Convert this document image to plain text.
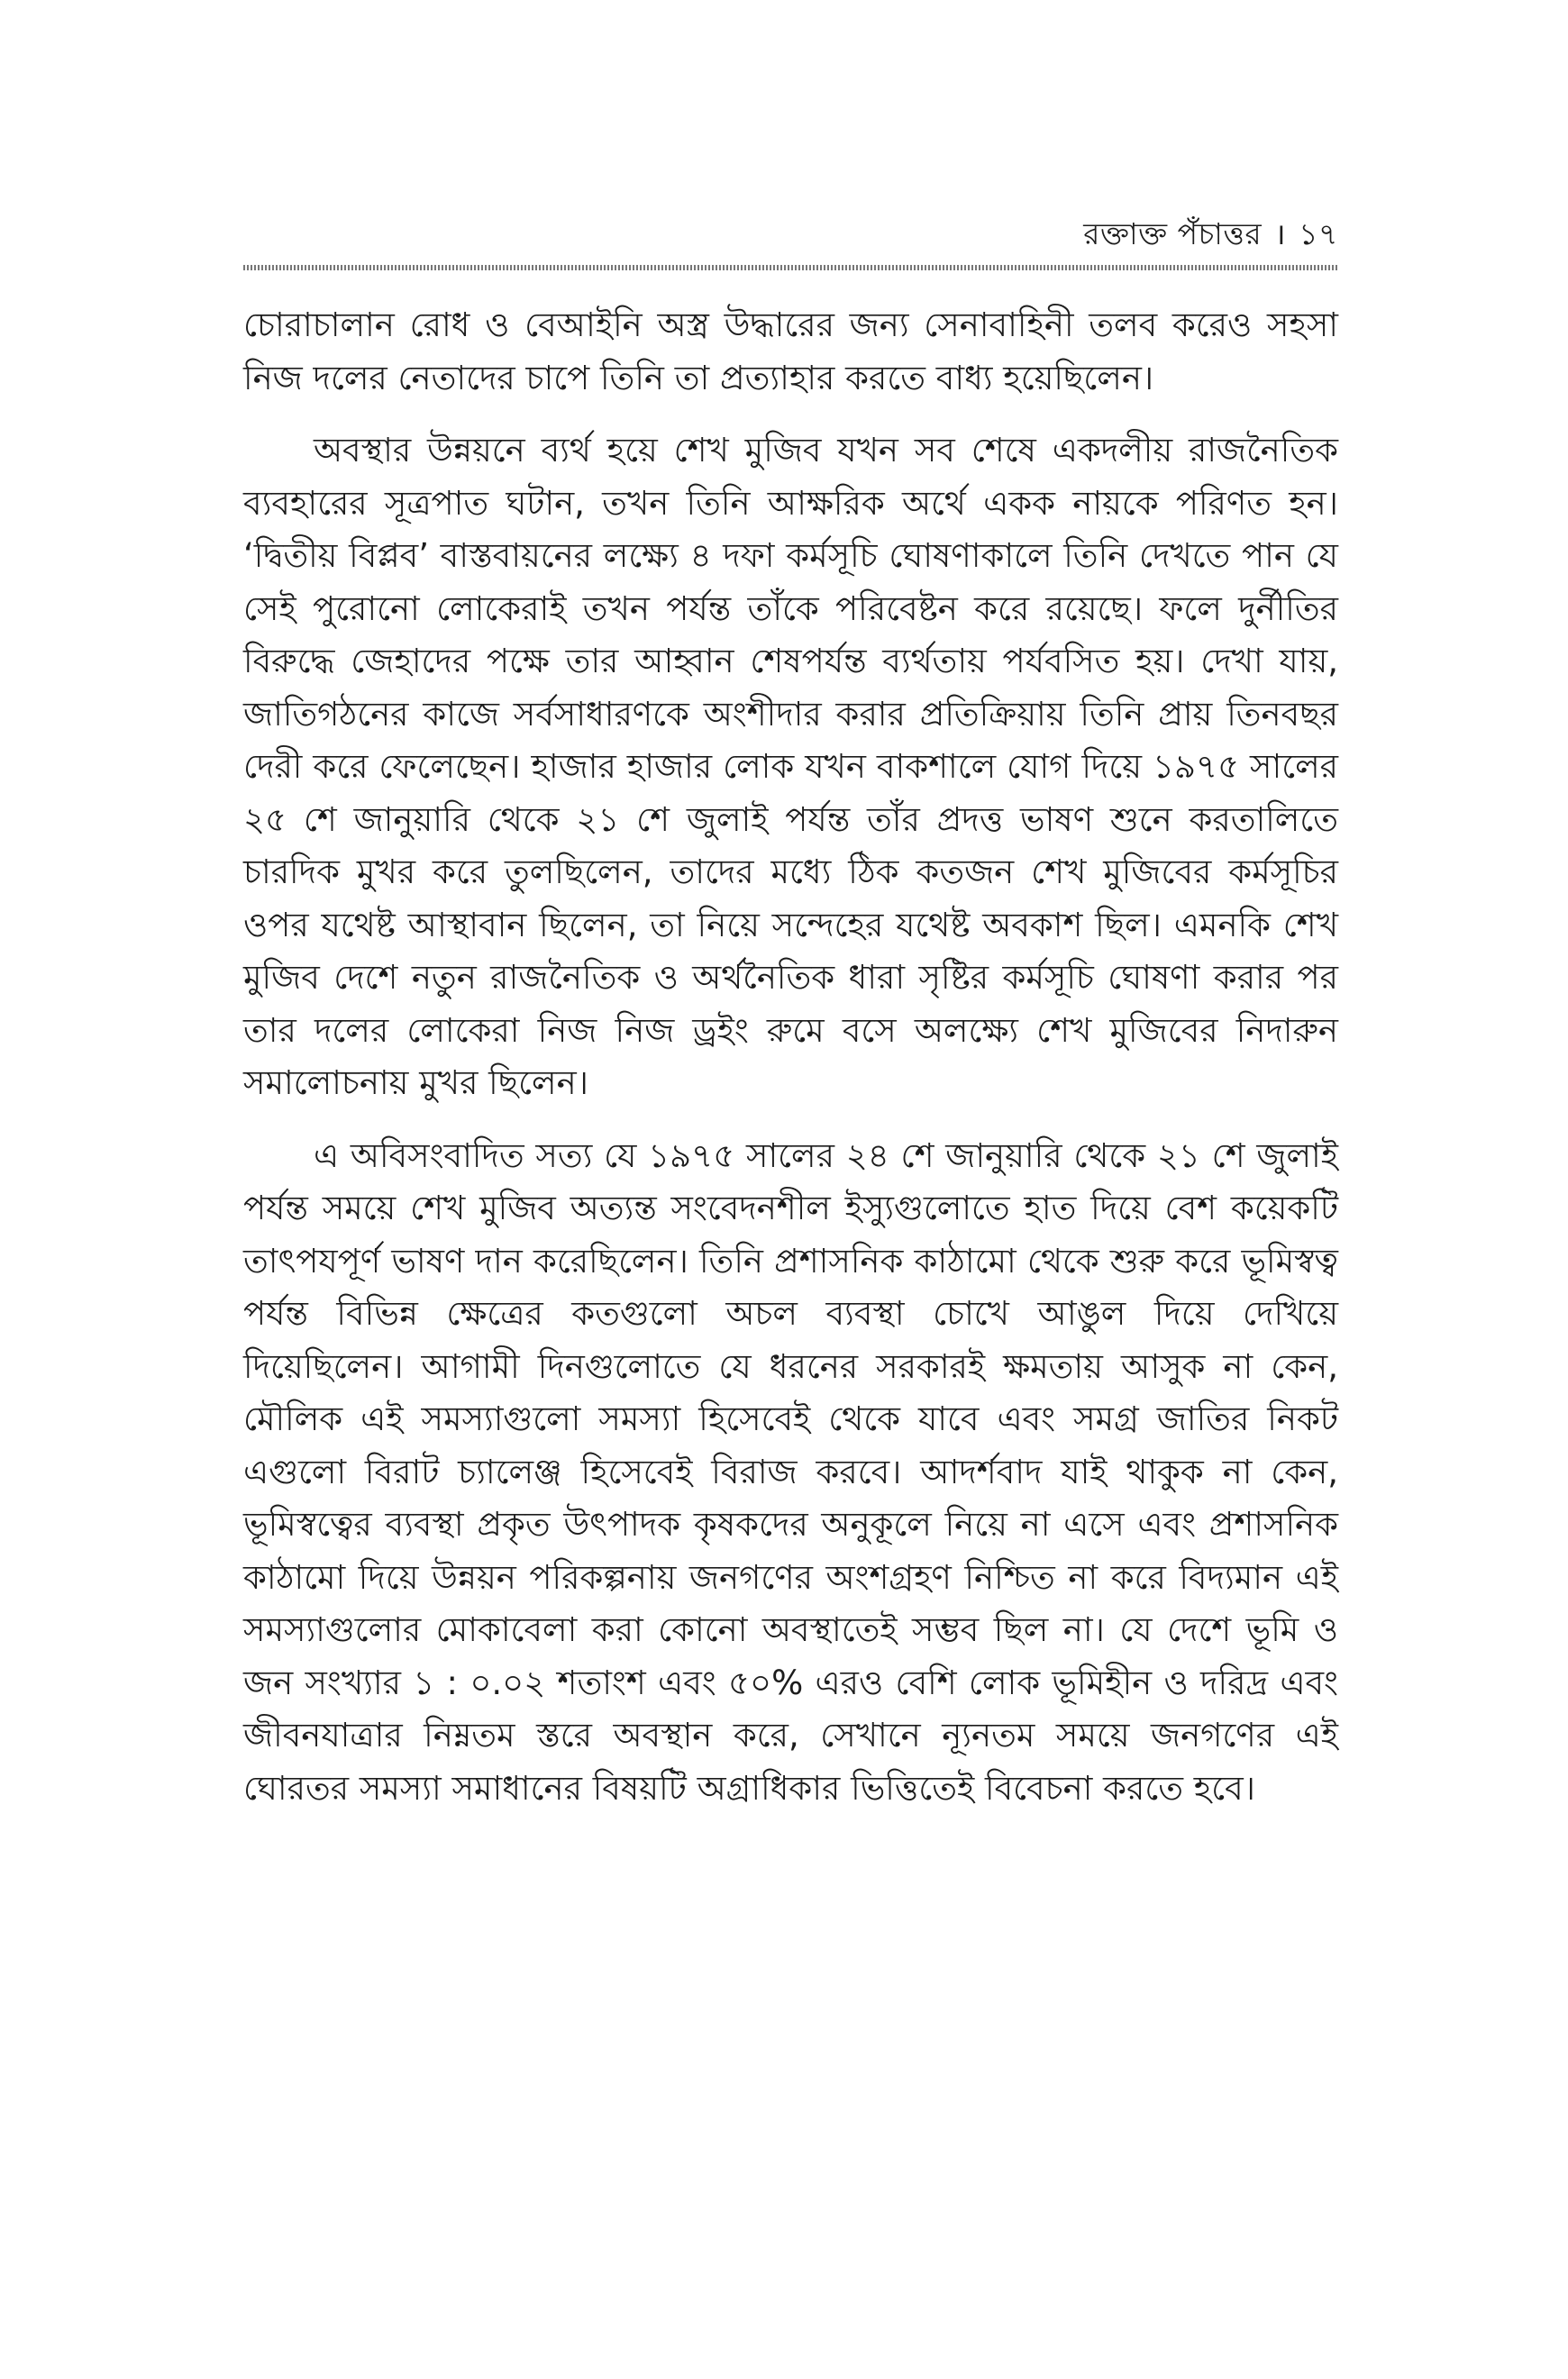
রক্তাক্ত পঁচাত্তর । ১৭

চোরাচালান রোধ ও বেআইনি অস্ত্র উদ্ধারের জন্য সেনাবাহিনী তলব করেও সহসা নিজ দলের নেতাদের চাপে তিনি তা প্রত্যাহার করতে বাধ্য হয়েছিলেন।

অবস্থার উন্নয়নে ব্যর্থ হয়ে শেখ মুজিব যখন সব শেষে একদলীয় রাজনৈতিক ব্যবহারের সূত্রপাত ঘটান, তখন তিনি আক্ষরিক অর্থে একক নায়কে পরিণত হন। ‘দ্বিতীয় বিপ্লব’ বাস্তবায়নের লক্ষ্যে ৪ দফা কর্মসূচি ঘোষণাকালে তিনি দেখতে পান যে সেই পুরোনো লোকেরাই তখন পর্যন্ত তাঁকে পরিবেষ্টন করে রয়েছে। ফলে দুর্নীতির বিরুদ্ধে জেহাদের পক্ষে তার আহ্বান শেষপর্যন্ত ব্যর্থতায় পর্যবসিত হয়। দেখা যায়, জাতিগঠনের কাজে সর্বসাধারণকে অংশীদার করার প্রতিক্রিয়ায় তিনি প্রায় তিনবছর দেরী করে ফেলেছেন। হাজার হাজার লোক যখন বাকশালে যোগ দিয়ে ১৯৭৫ সালের ২৫ শে জানুয়ারি থেকে ২১ শে জুলাই পর্যন্ত তাঁর প্রদত্ত ভাষণ শুনে করতালিতে চারদিক মুখর করে তুলছিলেন, তাদের মধ্যে ঠিক কতজন শেখ মুজিবের কর্মসূচির ওপর যথেষ্ট আস্থাবান ছিলেন, তা নিয়ে সন্দেহের যথেষ্ট অবকাশ ছিল। এমনকি শেখ মুজিব দেশে নতুন রাজনৈতিক ও অর্থনৈতিক ধারা সৃষ্টির কর্মসূচি ঘোষণা করার পর তার দলের লোকেরা নিজ নিজ ড্রইং রুমে বসে অলক্ষ্যে শেখ মুজিবের নিদারুন সমালোচনায় মুখর ছিলেন।

এ অবিসংবাদিত সত্য যে ১৯৭৫ সালের ২৪ শে জানুয়ারি থেকে ২১ শে জুলাই পর্যন্ত সময়ে শেখ মুজিব অত্যন্ত সংবেদনশীল ইস্যুগুলোতে হাত দিয়ে বেশ কয়েকটি তাৎপযপূর্ণ ভাষণ দান করেছিলেন। তিনি প্রশাসনিক কাঠামো থেকে শুরু করে ভূমিস্বত্ব পর্যন্ত বিভিন্ন ক্ষেত্রের কতগুলো অচল ব্যবস্থা চোখে আঙুল দিয়ে দেখিয়ে দিয়েছিলেন। আগামী দিনগুলোতে যে ধরনের সরকারই ক্ষমতায় আসুক না কেন, মৌলিক এই সমস্যাগুলো সমস্যা হিসেবেই থেকে যাবে এবং সমগ্র জাতির নিকট এগুলো বিরাট চ্যালেঞ্জ হিসেবেই বিরাজ করবে। আদর্শবাদ যাই থাকুক না কেন, ভূমিস্বত্বের ব্যবস্থা প্রকৃত উৎপাদক কৃষকদের অনুকূলে নিয়ে না এসে এবং প্রশাসনিক কাঠামো দিয়ে উন্নয়ন পরিকল্পনায় জনগণের অংশগ্রহণ নিশ্চিত না করে বিদ্যমান এই সমস্যাগুলোর মোকাবেলা করা কোনো অবস্থাতেই সম্ভব ছিল না। যে দেশে ভূমি ও জন সংখ্যার ১ : ০.০২ শতাংশ এবং ৫০% এরও বেশি লোক ভূমিহীন ও দরিদ্র এবং জীবনযাত্রার নিম্নতম স্তরে অবস্থান করে, সেখানে ন্যূনতম সময়ে জনগণের এই ঘোরতর সমস্যা সমাধানের বিষয়টি অগ্রাধিকার ভিত্তিতেই বিবেচনা করতে হবে।
